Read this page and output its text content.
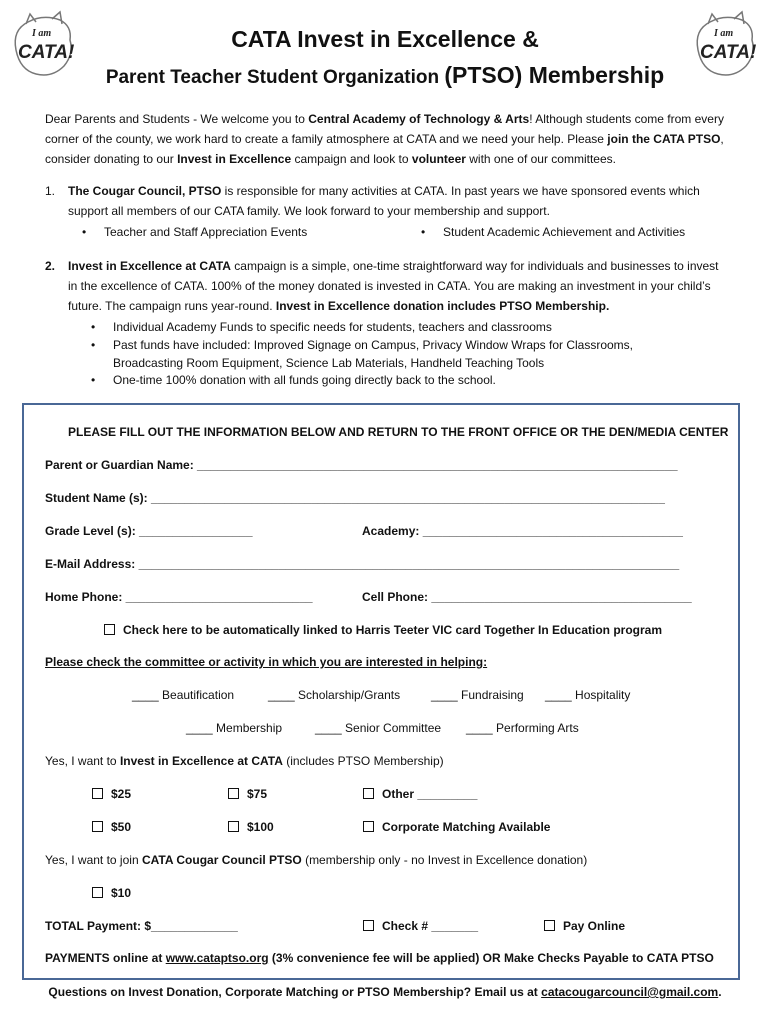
I am
CATA!
I am
CATA!
CATA Invest in Excellence &
Parent Teacher Student Organization (PTSO) Membership
Dear Parents and Students - We welcome you to Central Academy of Technology & Arts! Although students come from every corner of the county, we work hard to create a family atmosphere at CATA and we need your help. Please join the CATA PTSO, consider donating to our Invest in Excellence campaign and look to volunteer with one of our committees.
1. The Cougar Council, PTSO is responsible for many activities at CATA. In past years we have sponsored events which support all members of our CATA family. We look forward to your membership and support.
• Teacher and Staff Appreciation Events	• Student Academic Achievement and Activities
2. Invest in Excellence at CATA campaign is a simple, one-time straightforward way for individuals and businesses to invest in the excellence of CATA. 100% of the money donated is invested in CATA. You are making an investment in your child’s future. The campaign runs year-round. Invest in Excellence donation includes PTSO Membership.
• Individual Academy Funds to specific needs for students, teachers and classrooms
• Past funds have included: Improved Signage on Campus, Privacy Window Wraps for Classrooms, Broadcasting Room Equipment, Science Lab Materials, Handheld Teaching Tools
• One-time 100% donation with all funds going directly back to the school.
PLEASE FILL OUT THE INFORMATION BELOW AND RETURN TO THE FRONT OFFICE OR THE DEN/MEDIA CENTER
Parent or Guardian Name: ________________________________________________________________________
Student Name (s): _____________________________________________________________________________
Grade Level (s): _________________	Academy: _______________________________________
E-Mail Address: _________________________________________________________________________________
Home Phone: ____________________________	Cell Phone: _______________________________________
Check here to be automatically linked to Harris Teeter VIC card Together In Education program
Please check the committee or activity in which you are interested in helping:
____ Beautification	____ Scholarship/Grants	____ Fundraising ____ Hospitality
____ Membership	____ Senior Committee ____ Performing Arts
Yes, I want to Invest in Excellence at CATA (includes PTSO Membership)
$25	$75	Other _________
$50	$100	Corporate Matching Available
Yes, I want to join CATA Cougar Council PTSO (membership only - no Invest in Excellence donation)
$10
TOTAL Payment: $_____________	Check # _______	Pay Online
PAYMENTS online at www.cataptso.org (3% convenience fee will be applied) OR Make Checks Payable to CATA PTSO
Questions on Invest Donation, Corporate Matching or PTSO Membership? Email us at catacougarcouncil@gmail.com.
